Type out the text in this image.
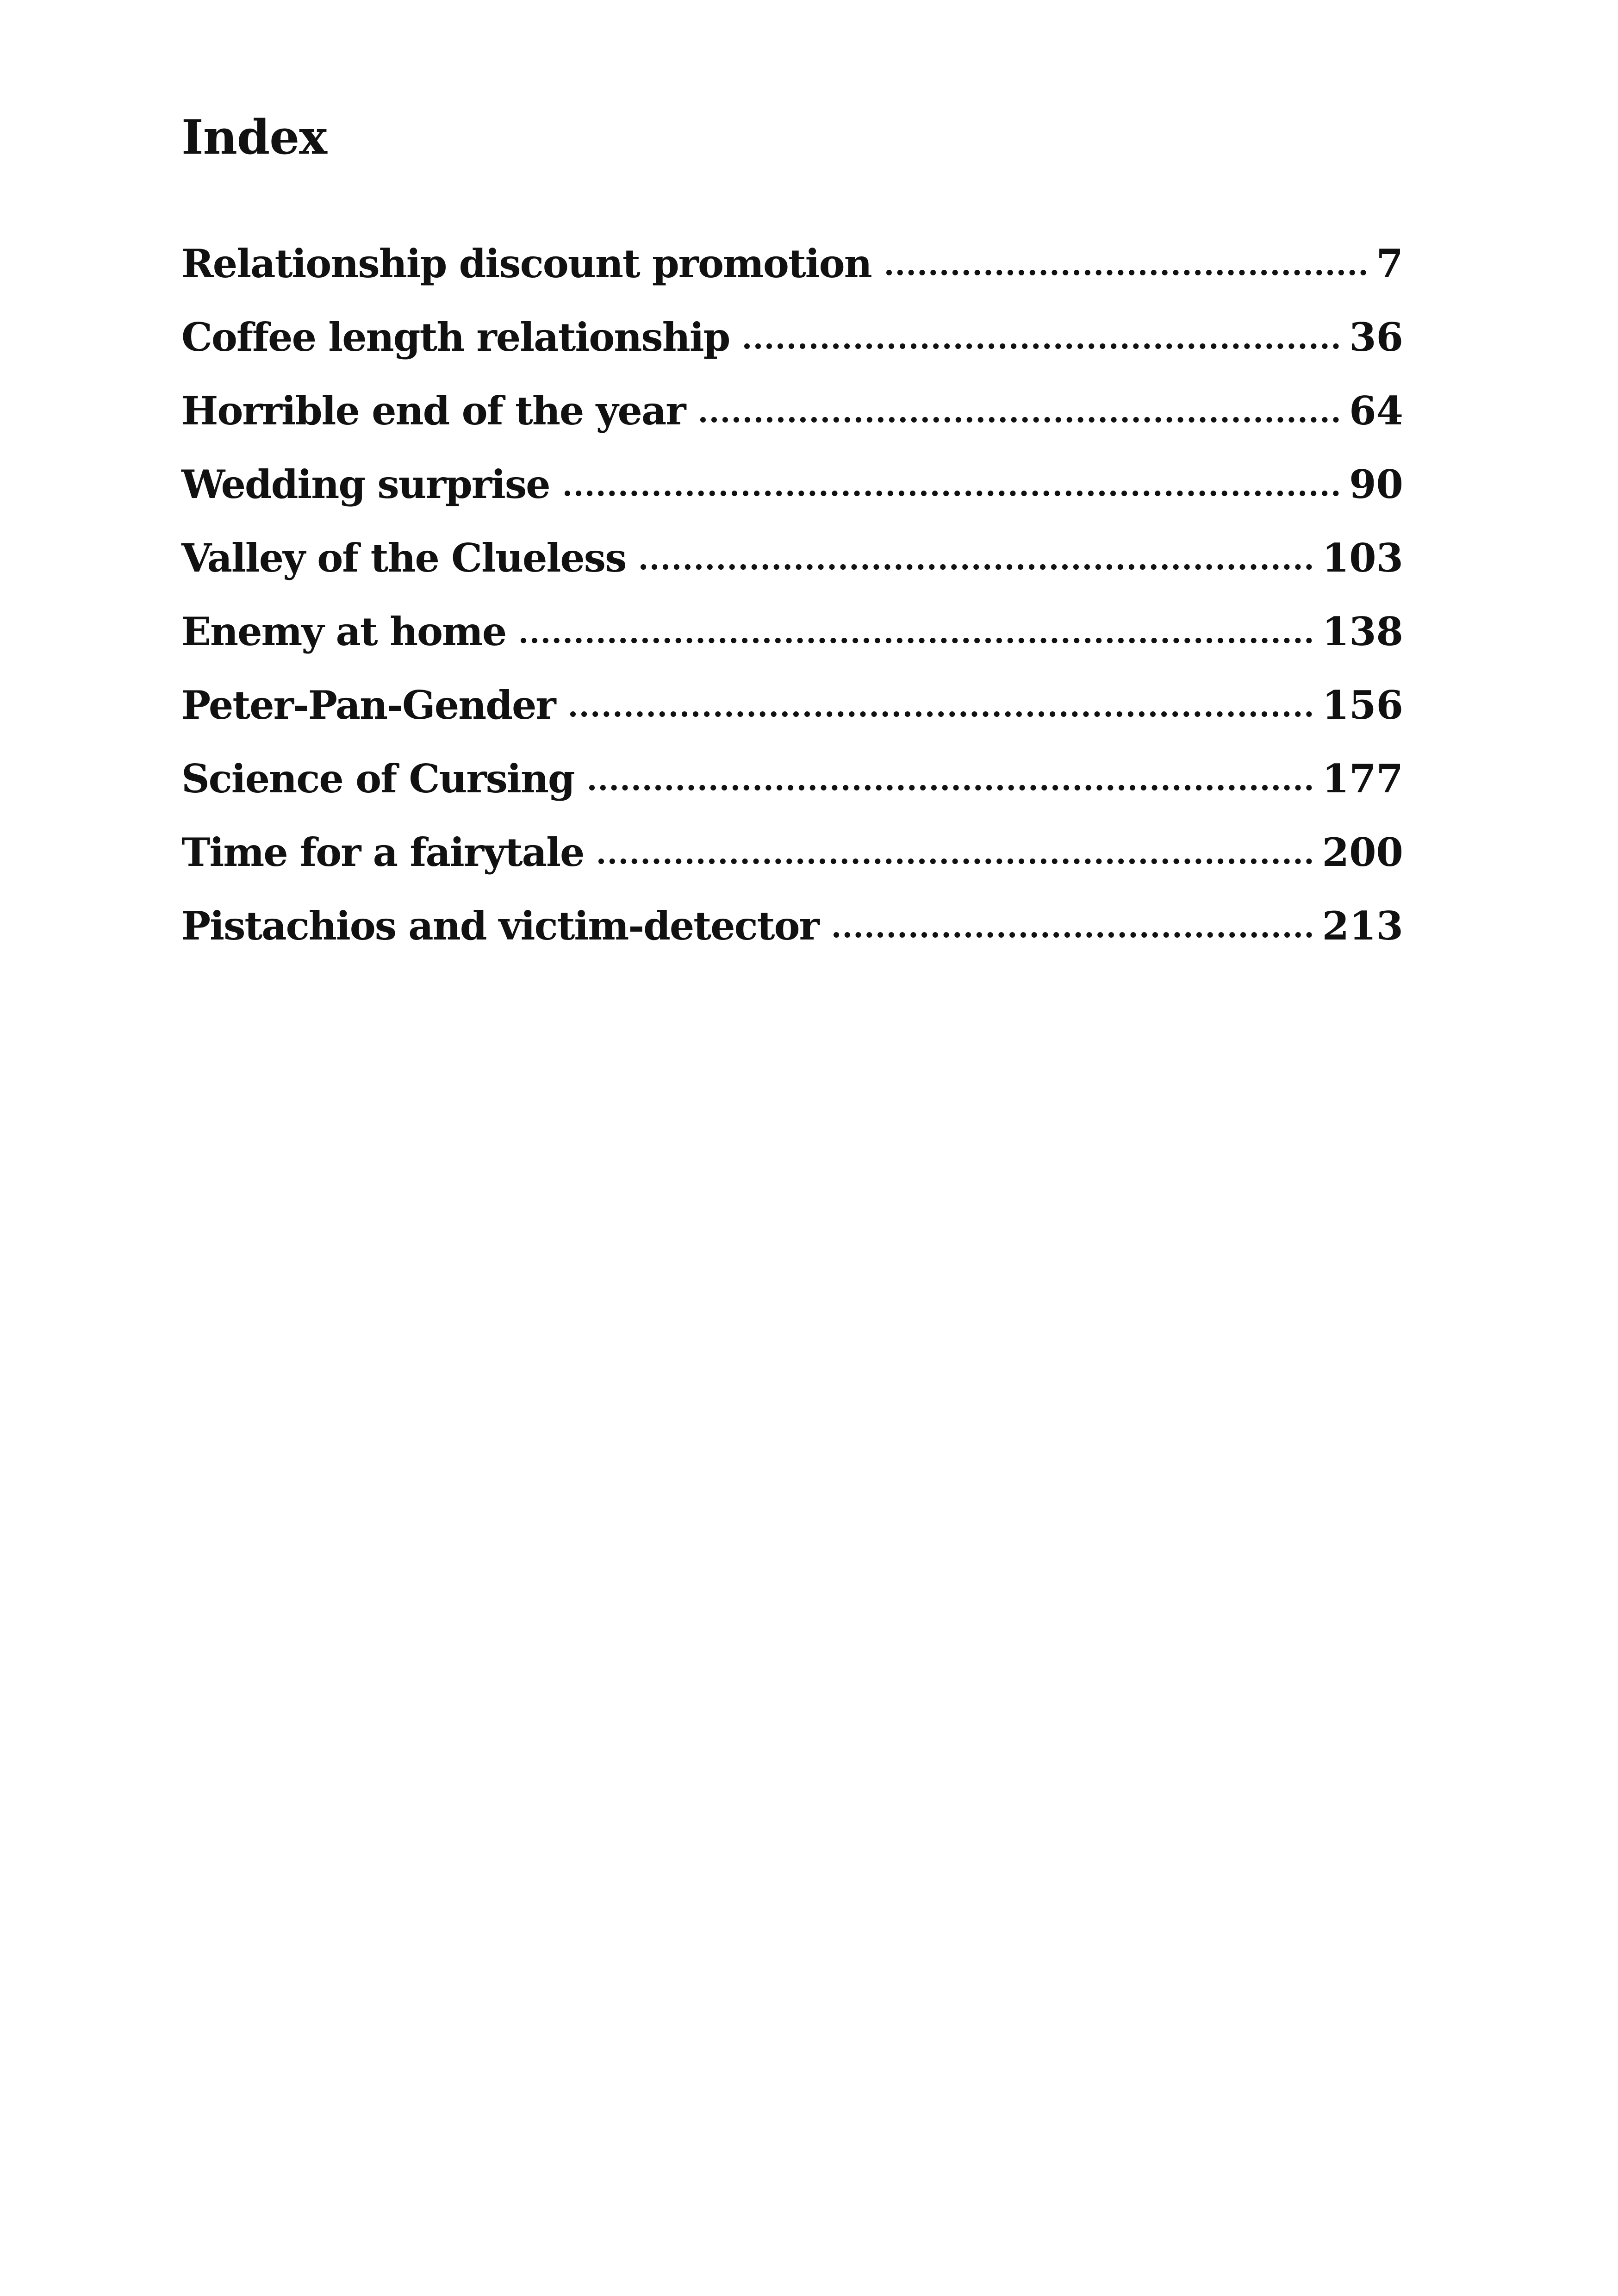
Index
Relationship discount promotion	7
Coffee length relationship	36
Horrible end of the year	64
Wedding surprise	90
Valley of the Clueless	103
Enemy at home	138
Peter-Pan-Gender	156
Science of Cursing	177
Time for a fairytale	200
Pistachios and victim-detector	213
